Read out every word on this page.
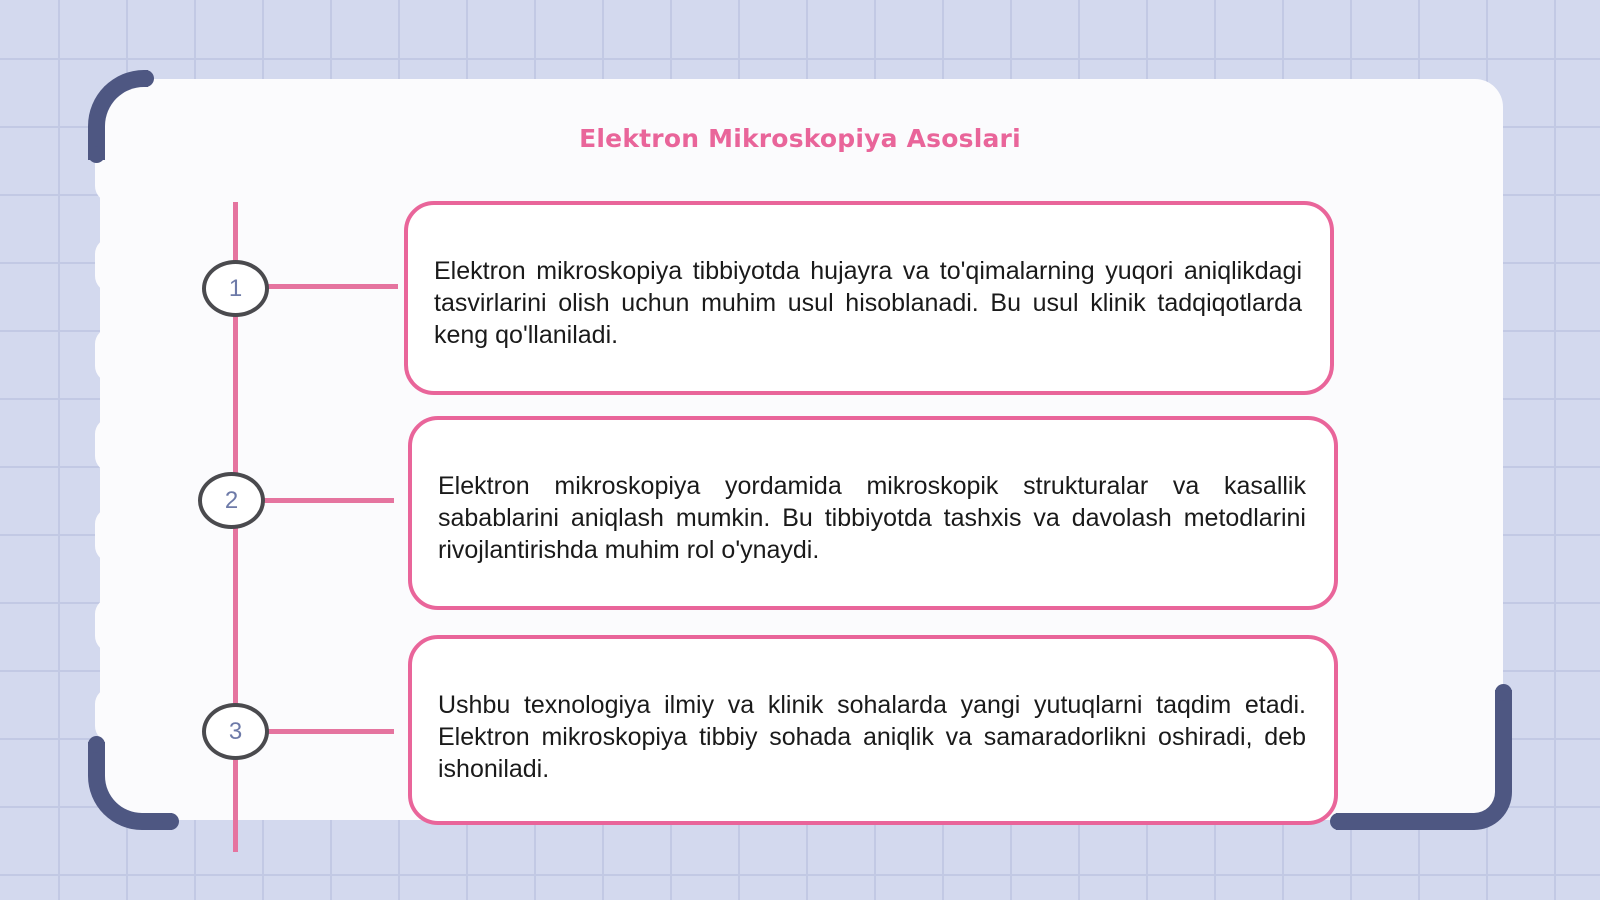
Elektron Mikroskopiya Asoslari
1
2
3

Elektron mikroskopiya tibbiyotda hujayra va to'qimalarning yuqori aniqlikdagi tasvirlarini olish uchun muhim usul hisoblanadi. Bu usul klinik tadqiqotlarda keng qo'llaniladi.

Elektron mikroskopiya yordamida mikroskopik strukturalar va kasallik sabablarini aniqlash mumkin. Bu tibbiyotda tashxis va davolash metodlarini rivojlantirishda muhim rol o'ynaydi.

Ushbu texnologiya ilmiy va klinik sohalarda yangi yutuqlarni taqdim etadi. Elektron mikroskopiya tibbiy sohada aniqlik va samaradorlikni oshiradi, deb ishoniladi.
